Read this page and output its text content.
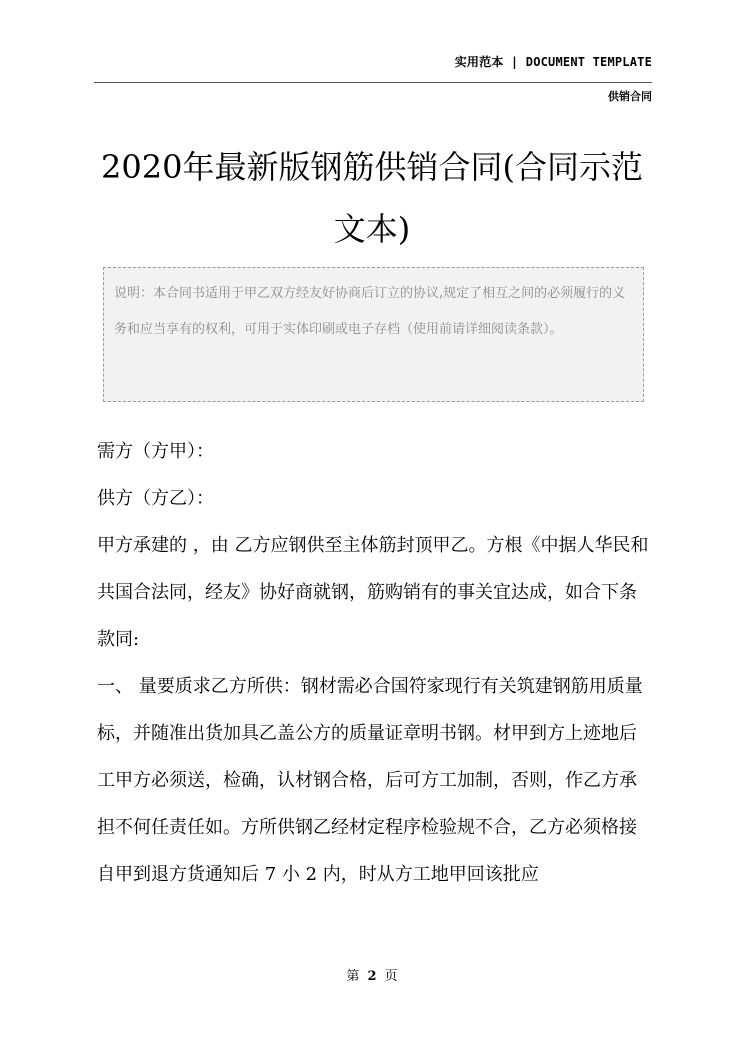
实用范本 | DOCUMENT TEMPLATE
供销合同
2020年最新版钢筋供销合同(合同示范文本)
说明：本合同书适用于甲乙双方经友好协商后订立的协议,规定了相互之间的必须履行的义务和应当享有的权利，可用于实体印刷或电子存档（使用前请详细阅读条款）。

需方（方甲）：

供方（方乙）：

甲方承建的 ，由 乙方应钢供至主体筋封顶甲乙。方根《中据人华民和共国合法同，经友》协好商就钢，筋购销有的事关宜达成，如合下条款同:

一、 量要质求乙方所供：钢材需必合国符家现行有关筑建钢筋用质量标，并随准出货加具乙盖公方的质量证章明书钢。材甲到方上迹地后工甲方必须送，检确，认材钢合格，后可方工加制，否则，作乙方承担不何任责任如。方所供钢乙经材定程序检验规不合，乙方必须格接自甲到退方货通知后 7 小 2 内，时从方工地甲回该批应

第 2 页
